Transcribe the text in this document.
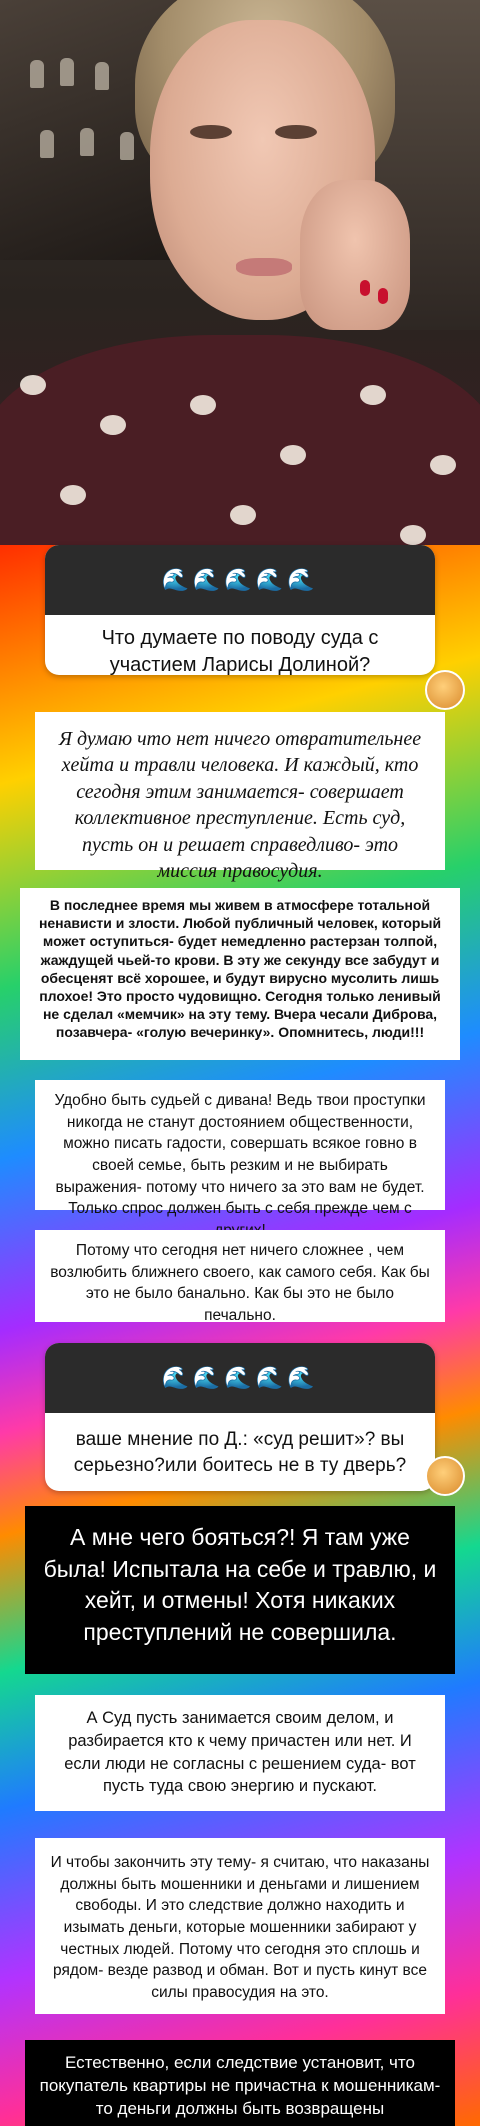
🌊🌊🌊🌊🌊
Что думаете по поводу суда с участием Ларисы Долиной?
Я думаю что нет ничего отвратительнее хейта и травли человека. И каждый, кто сегодня этим занимается- совершает коллективное преступление. Есть суд, пусть он и решает справедливо- это миссия правосудия.
В последнее время мы живем в атмосфере тотальной ненависти и злости. Любой публичный человек, который может оступиться- будет немедленно растерзан толпой, жаждущей чьей-то крови. В эту же секунду все забудут и обесценят всё хорошее, и будут вирусно мусолить лишь плохое! Это просто чудовищно. Сегодня только ленивый не сделал «мемчик» на эту тему. Вчера чесали Диброва, позавчера- «голую вечеринку». Опомнитесь, люди!!!
Удобно быть судьей с дивана! Ведь твои проступки никогда не станут достоянием общественности, можно писать гадости, совершать всякое говно в своей семье, быть резким и не выбирать выражения- потому что ничего за это вам не будет. Только спрос должен быть с себя прежде чем с
Потому что сегодня нет ничего сложнее , чем возлюбить ближнего своего, как самого себя. Как бы это не было банально. Как бы это не было печально.
🌊🌊🌊🌊🌊
ваше мнение по Д.: «суд решит»? вы серьезно?или боитесь не в ту дверь?
А мне чего бояться?! Я там уже была! Испытала на себе и травлю, и хейт, и отмены! Хотя никаких преступлений не совершила.
А Суд пусть занимается своим делом, и разбирается кто к чему причастен или нет. И если люди не согласны с решением суда- вот пусть туда свою энергию и пускают.
И чтобы закончить эту тему- я считаю, что наказаны должны быть мошенники и деньгами и лишением свободы. И это следствие должно находить и изымать деньги, которые мошенники забирают у честных людей. Потому что сегодня это сплошь и рядом- везде развод и обман. Вот и пусть кинут все силы правосудия на это.
Естественно, если следствие установит, что покупатель квартиры не причастна к мошенникам- то деньги должны быть возвращены
